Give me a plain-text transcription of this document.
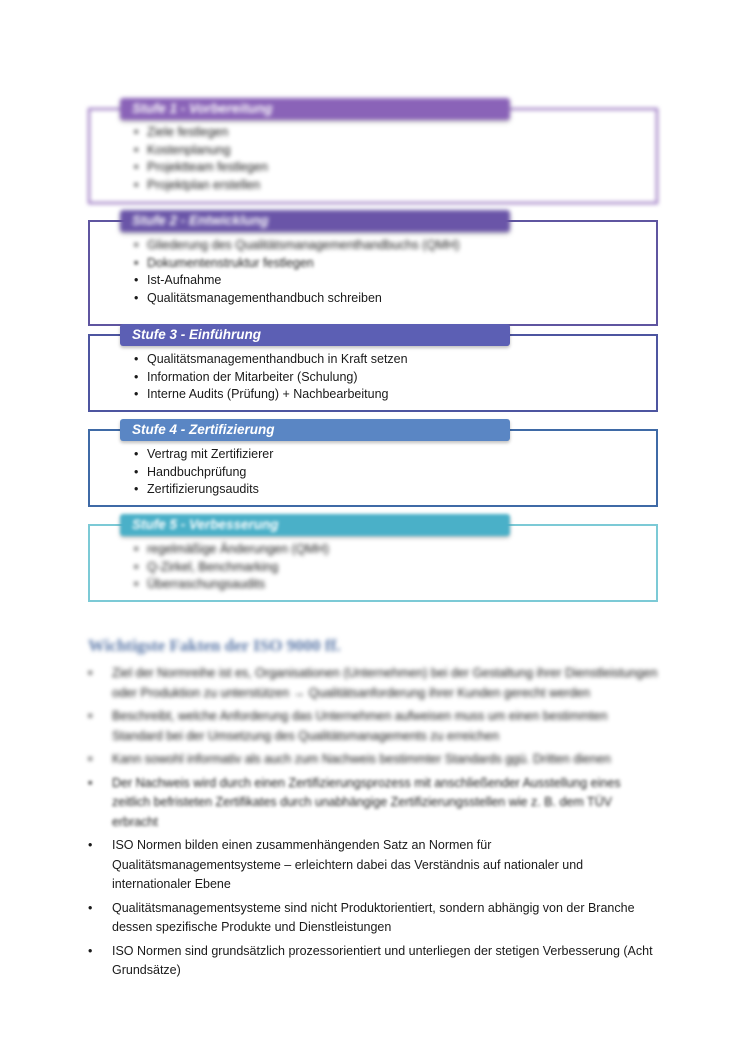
Stufe 1 - Vorbereitung
• Ziele festlegen
• Kostenplanung
• Projektteam festlegen
• Projektplan erstellen
Stufe 2 - Entwicklung
• Gliederung des Qualitätsmanagementhandbuchs (QMH)
• Dokumentenstruktur festlegen
• Ist-Aufnahme
• Qualitätsmanagementhandbuch schreiben
Stufe 3 - Einführung
• Qualitätsmanagementhandbuch in Kraft setzen
• Information der Mitarbeiter (Schulung)
• Interne Audits (Prüfung) + Nachbearbeitung
Stufe 4 - Zertifizierung
• Vertrag mit Zertifizierer
• Handbuchprüfung
• Zertifizierungsaudits
Stufe 5 - Verbesserung
• regelmäßige Änderungen (QMH)
• Q-Zirkel, Benchmarking
• Überraschungsaudits
Wichtigste Fakten der ISO 9000 ff.
• Ziel der Normreihe ist es, Organisationen (Unternehmen) bei der Gestaltung ihrer Dienstleistungen oder Produktion zu unterstützen → Qualitätsanforderung ihrer Kunden gerecht werden
• Beschreibt, welche Anforderung das Unternehmen aufweisen muss um einen bestimmten Standard bei der Umsetzung des Qualitätsmanagements zu erreichen
• Kann sowohl informativ als auch zum Nachweis bestimmter Standards ggü. Dritten dienen
• Der Nachweis wird durch einen Zertifizierungsprozess mit anschließender Ausstellung eines zeitlich befristeten Zertifikates durch unabhängige Zertifizierungsstellen wie z. B. dem TÜV erbracht
• ISO Normen bilden einen zusammenhängenden Satz an Normen für Qualitätsmanagementsysteme – erleichtern dabei das Verständnis auf nationaler und internationaler Ebene
• Qualitätsmanagementsysteme sind nicht Produktorientiert, sondern abhängig von der Branche dessen spezifische Produkte und Dienstleistungen
• ISO Normen sind grundsätzlich prozessorientiert und unterliegen der stetigen Verbesserung (Acht Grundsätze)
